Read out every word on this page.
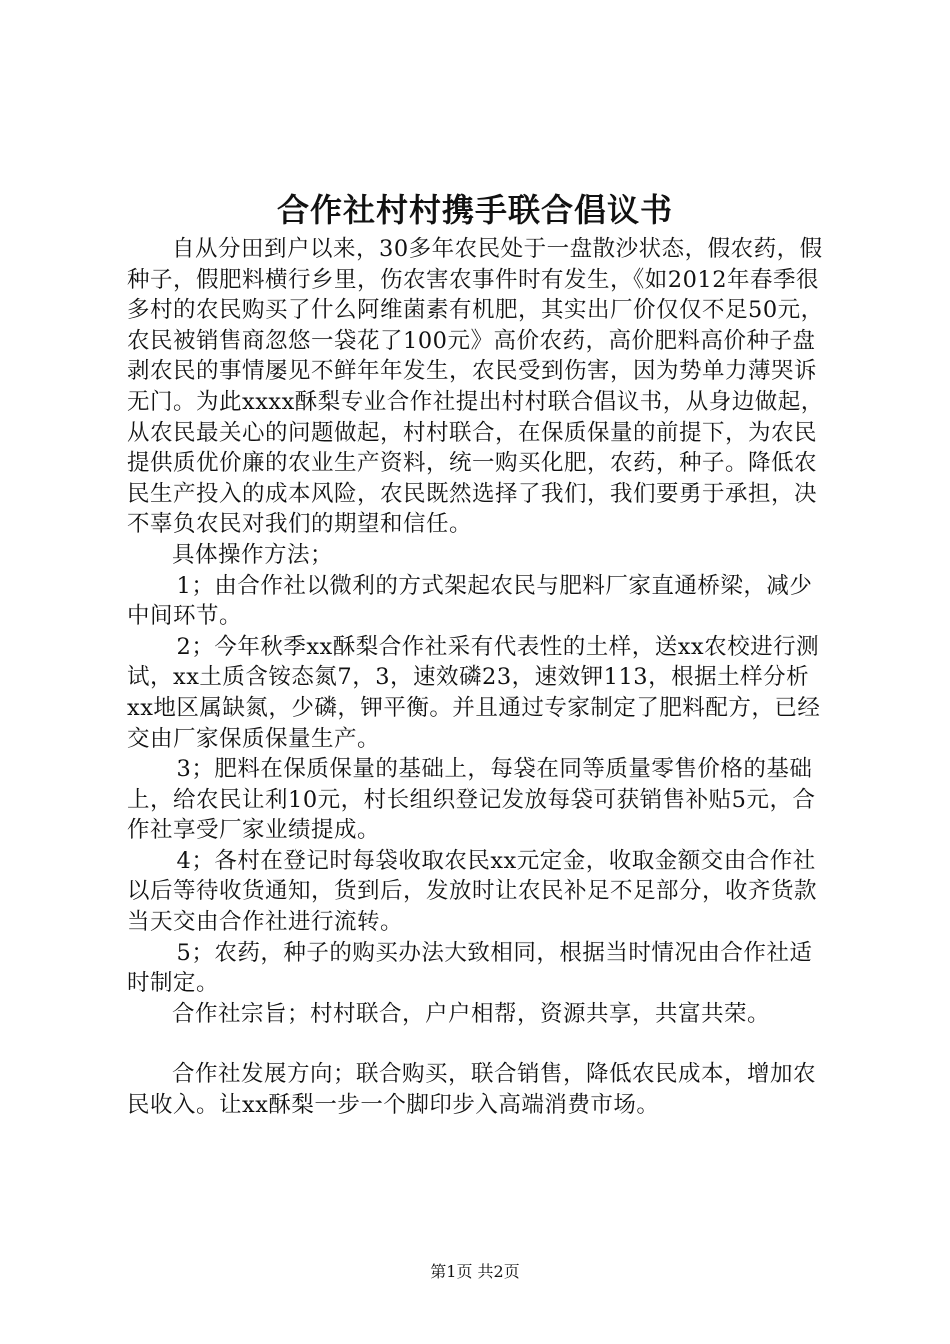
合作社村村携手联合倡议书

自从分田到户以来，30多年农民处于一盘散沙状态，假农药，假种子，假肥料横行乡里，伤农害农事件时有发生，《如2012年春季很多村的农民购买了什么阿维菌素有机肥，其实出厂价仅仅不足50元，农民被销售商忽悠一袋花了100元》高价农药，高价肥料高价种子盘剥农民的事情屡见不鲜年年发生，农民受到伤害，因为势单力薄哭诉无门。为此xxxx酥梨专业合作社提出村村联合倡议书，从身边做起，从农民最关心的问题做起，村村联合，在保质保量的前提下，为农民提供质优价廉的农业生产资料，统一购买化肥，农药，种子。降低农民生产投入的成本风险，农民既然选择了我们，我们要勇于承担，决不辜负农民对我们的期望和信任。

具体操作方法；

1；由合作社以微利的方式架起农民与肥料厂家直通桥梁，减少中间环节。

2；今年秋季xx酥梨合作社采有代表性的土样，送xx农校进行测试，xx土质含铵态氮7，3，速效磷23，速效钾113，根据土样分析xx地区属缺氮，少磷，钾平衡。并且通过专家制定了肥料配方，已经交由厂家保质保量生产。

3；肥料在保质保量的基础上，每袋在同等质量零售价格的基础上，给农民让利10元，村长组织登记发放每袋可获销售补贴5元，合作社享受厂家业绩提成。

4；各村在登记时每袋收取农民xx元定金，收取金额交由合作社以后等待收货通知，货到后，发放时让农民补足不足部分，收齐货款当天交由合作社进行流转。

5；农药，种子的购买办法大致相同，根据当时情况由合作社适时制定。

合作社宗旨；村村联合，户户相帮，资源共享，共富共荣。

合作社发展方向；联合购买，联合销售，降低农民成本，增加农民收入。让xx酥梨一步一个脚印步入高端消费市场。

第1页 共2页
